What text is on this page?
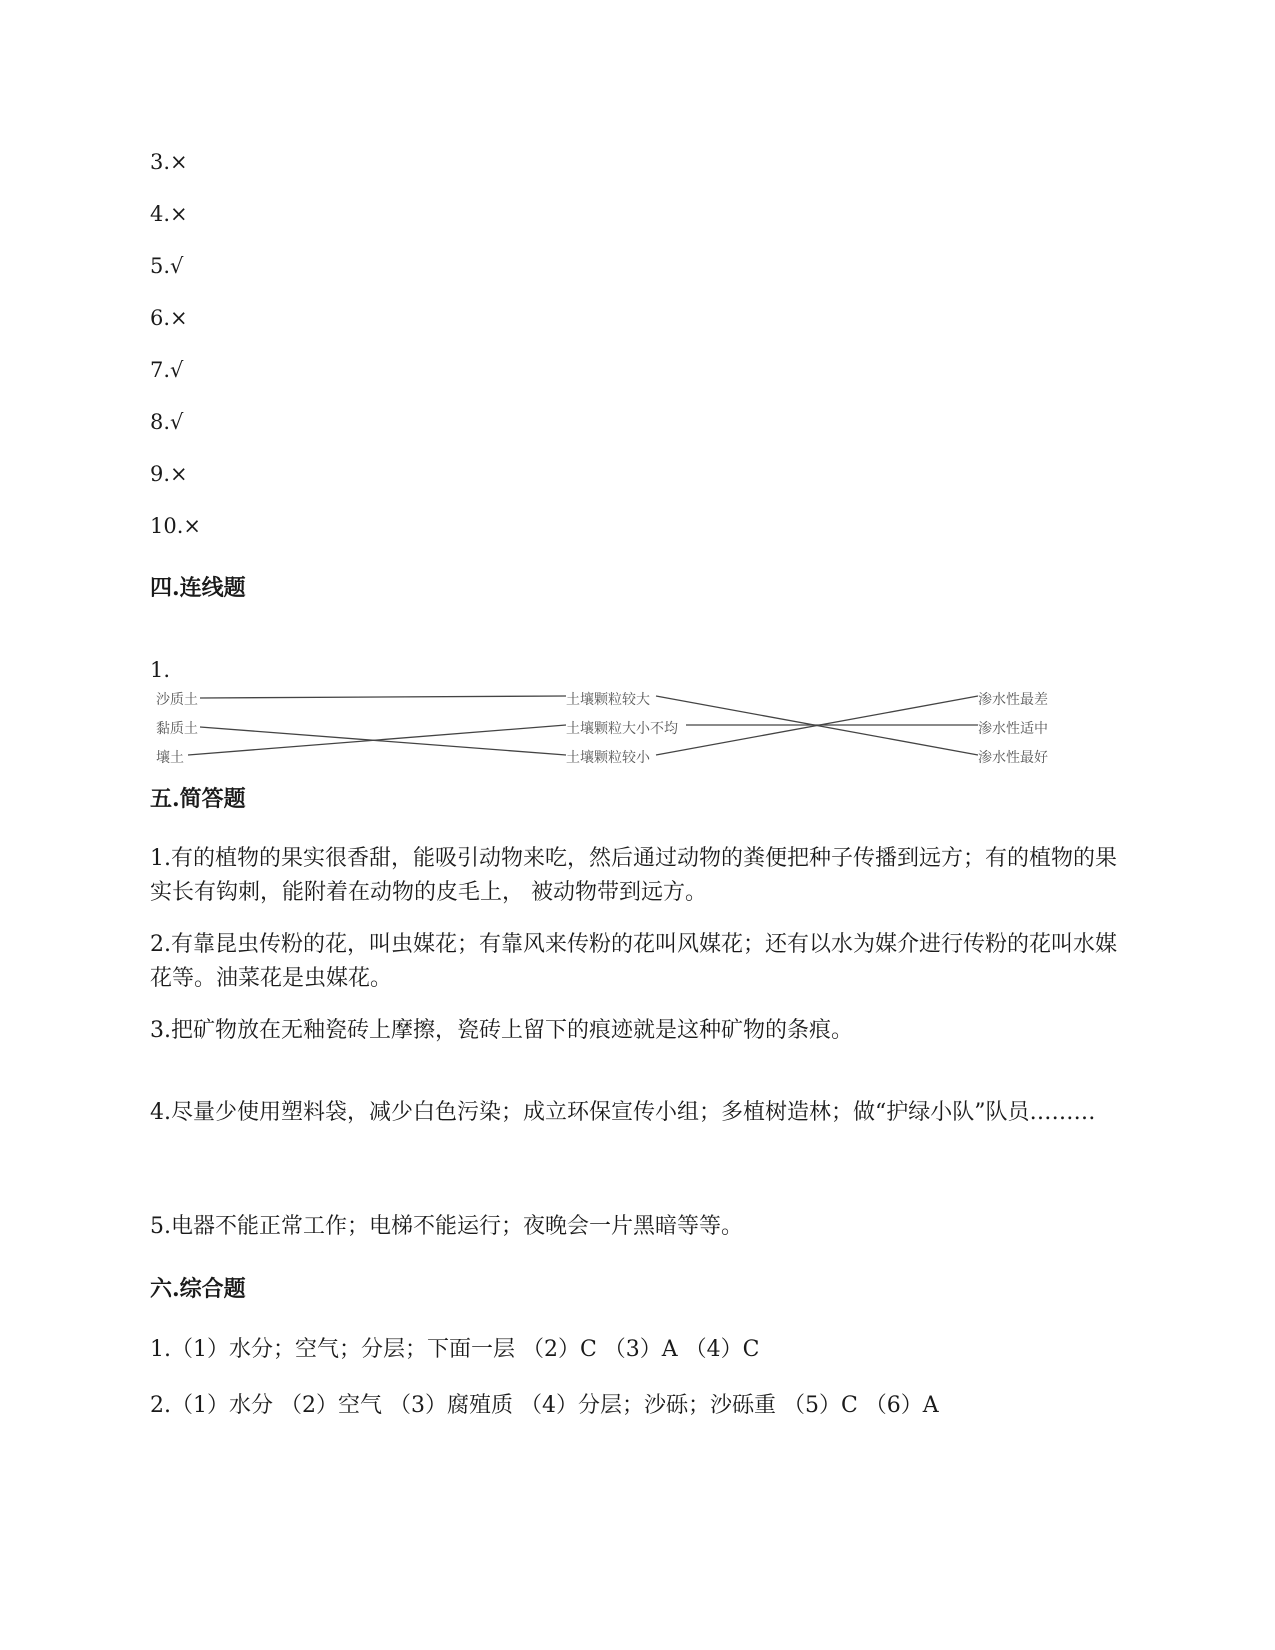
3.×
4.×
5.√
6.×
7.√
8.√
9.×
10.×
四.连线题
1.
沙质土
黏质土
壤土
土壤颗粒较大
土壤颗粒大小不均
土壤颗粒较小
渗水性最差
渗水性适中
渗水性最好
五.简答题
1.有的植物的果实很香甜，能吸引动物来吃，然后通过动物的粪便把种子传播到远方；有的植物的果实长有钩刺，能附着在动物的皮毛上， 被动物带到远方。
2.有靠昆虫传粉的花，叫虫媒花；有靠风来传粉的花叫风媒花；还有以水为媒介进行传粉的花叫水媒花等。油菜花是虫媒花。
3.把矿物放在无釉瓷砖上摩擦，瓷砖上留下的痕迹就是这种矿物的条痕。
4.尽量少使用塑料袋，减少白色污染；成立环保宣传小组；多植树造林；做“护绿小队”队员………
5.电器不能正常工作；电梯不能运行；夜晚会一片黑暗等等。
六.综合题
1.（1）水分；空气；分层；下面一层 （2）C （3）A （4）C
2.（1）水分 （2）空气 （3）腐殖质 （4）分层；沙砾；沙砾重 （5）C （6）A
